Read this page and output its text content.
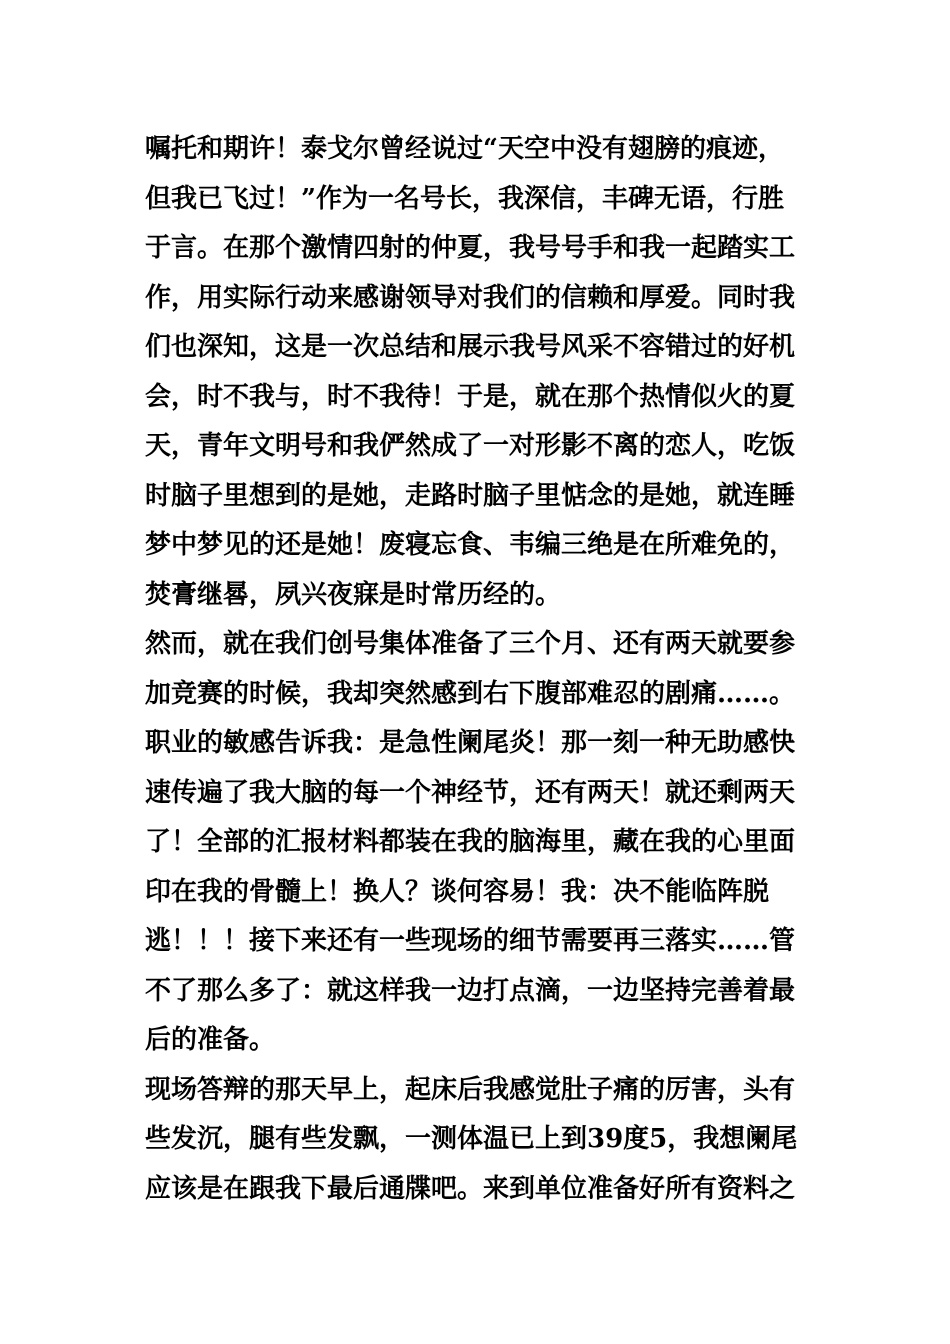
嘱托和期许！泰戈尔曾经说过“天空中没有翅膀的痕迹，
但我已飞过！”作为一名号长，我深信，丰碑无语，行胜
于言。在那个激情四射的仲夏，我号号手和我一起踏实工
作，用实际行动来感谢领导对我们的信赖和厚爱。同时我
们也深知，这是一次总结和展示我号风采不容错过的好机
会，时不我与，时不我待！于是，就在那个热情似火的夏
天，青年文明号和我俨然成了一对形影不离的恋人，吃饭
时脑子里想到的是她，走路时脑子里惦念的是她，就连睡
梦中梦见的还是她！废寝忘食、韦编三绝是在所难免的，
焚膏继晷，夙兴夜寐是时常历经的。
然而，就在我们创号集体准备了三个月、还有两天就要参
加竞赛的时候，我却突然感到右下腹部难忍的剧痛……。
职业的敏感告诉我：是急性阑尾炎！那一刻一种无助感快
速传遍了我大脑的每一个神经节，还有两天！就还剩两天
了！全部的汇报材料都装在我的脑海里，藏在我的心里面
印在我的骨髓上！换人？谈何容易！我：决不能临阵脱
逃！！！接下来还有一些现场的细节需要再三落实……管
不了那么多了：就这样我一边打点滴，一边坚持完善着最
后的准备。
现场答辩的那天早上，起床后我感觉肚子痛的厉害，头有
些发沉，腿有些发飘，一测体温已上到39度5，我想阑尾
应该是在跟我下最后通牒吧。来到单位准备好所有资料之
